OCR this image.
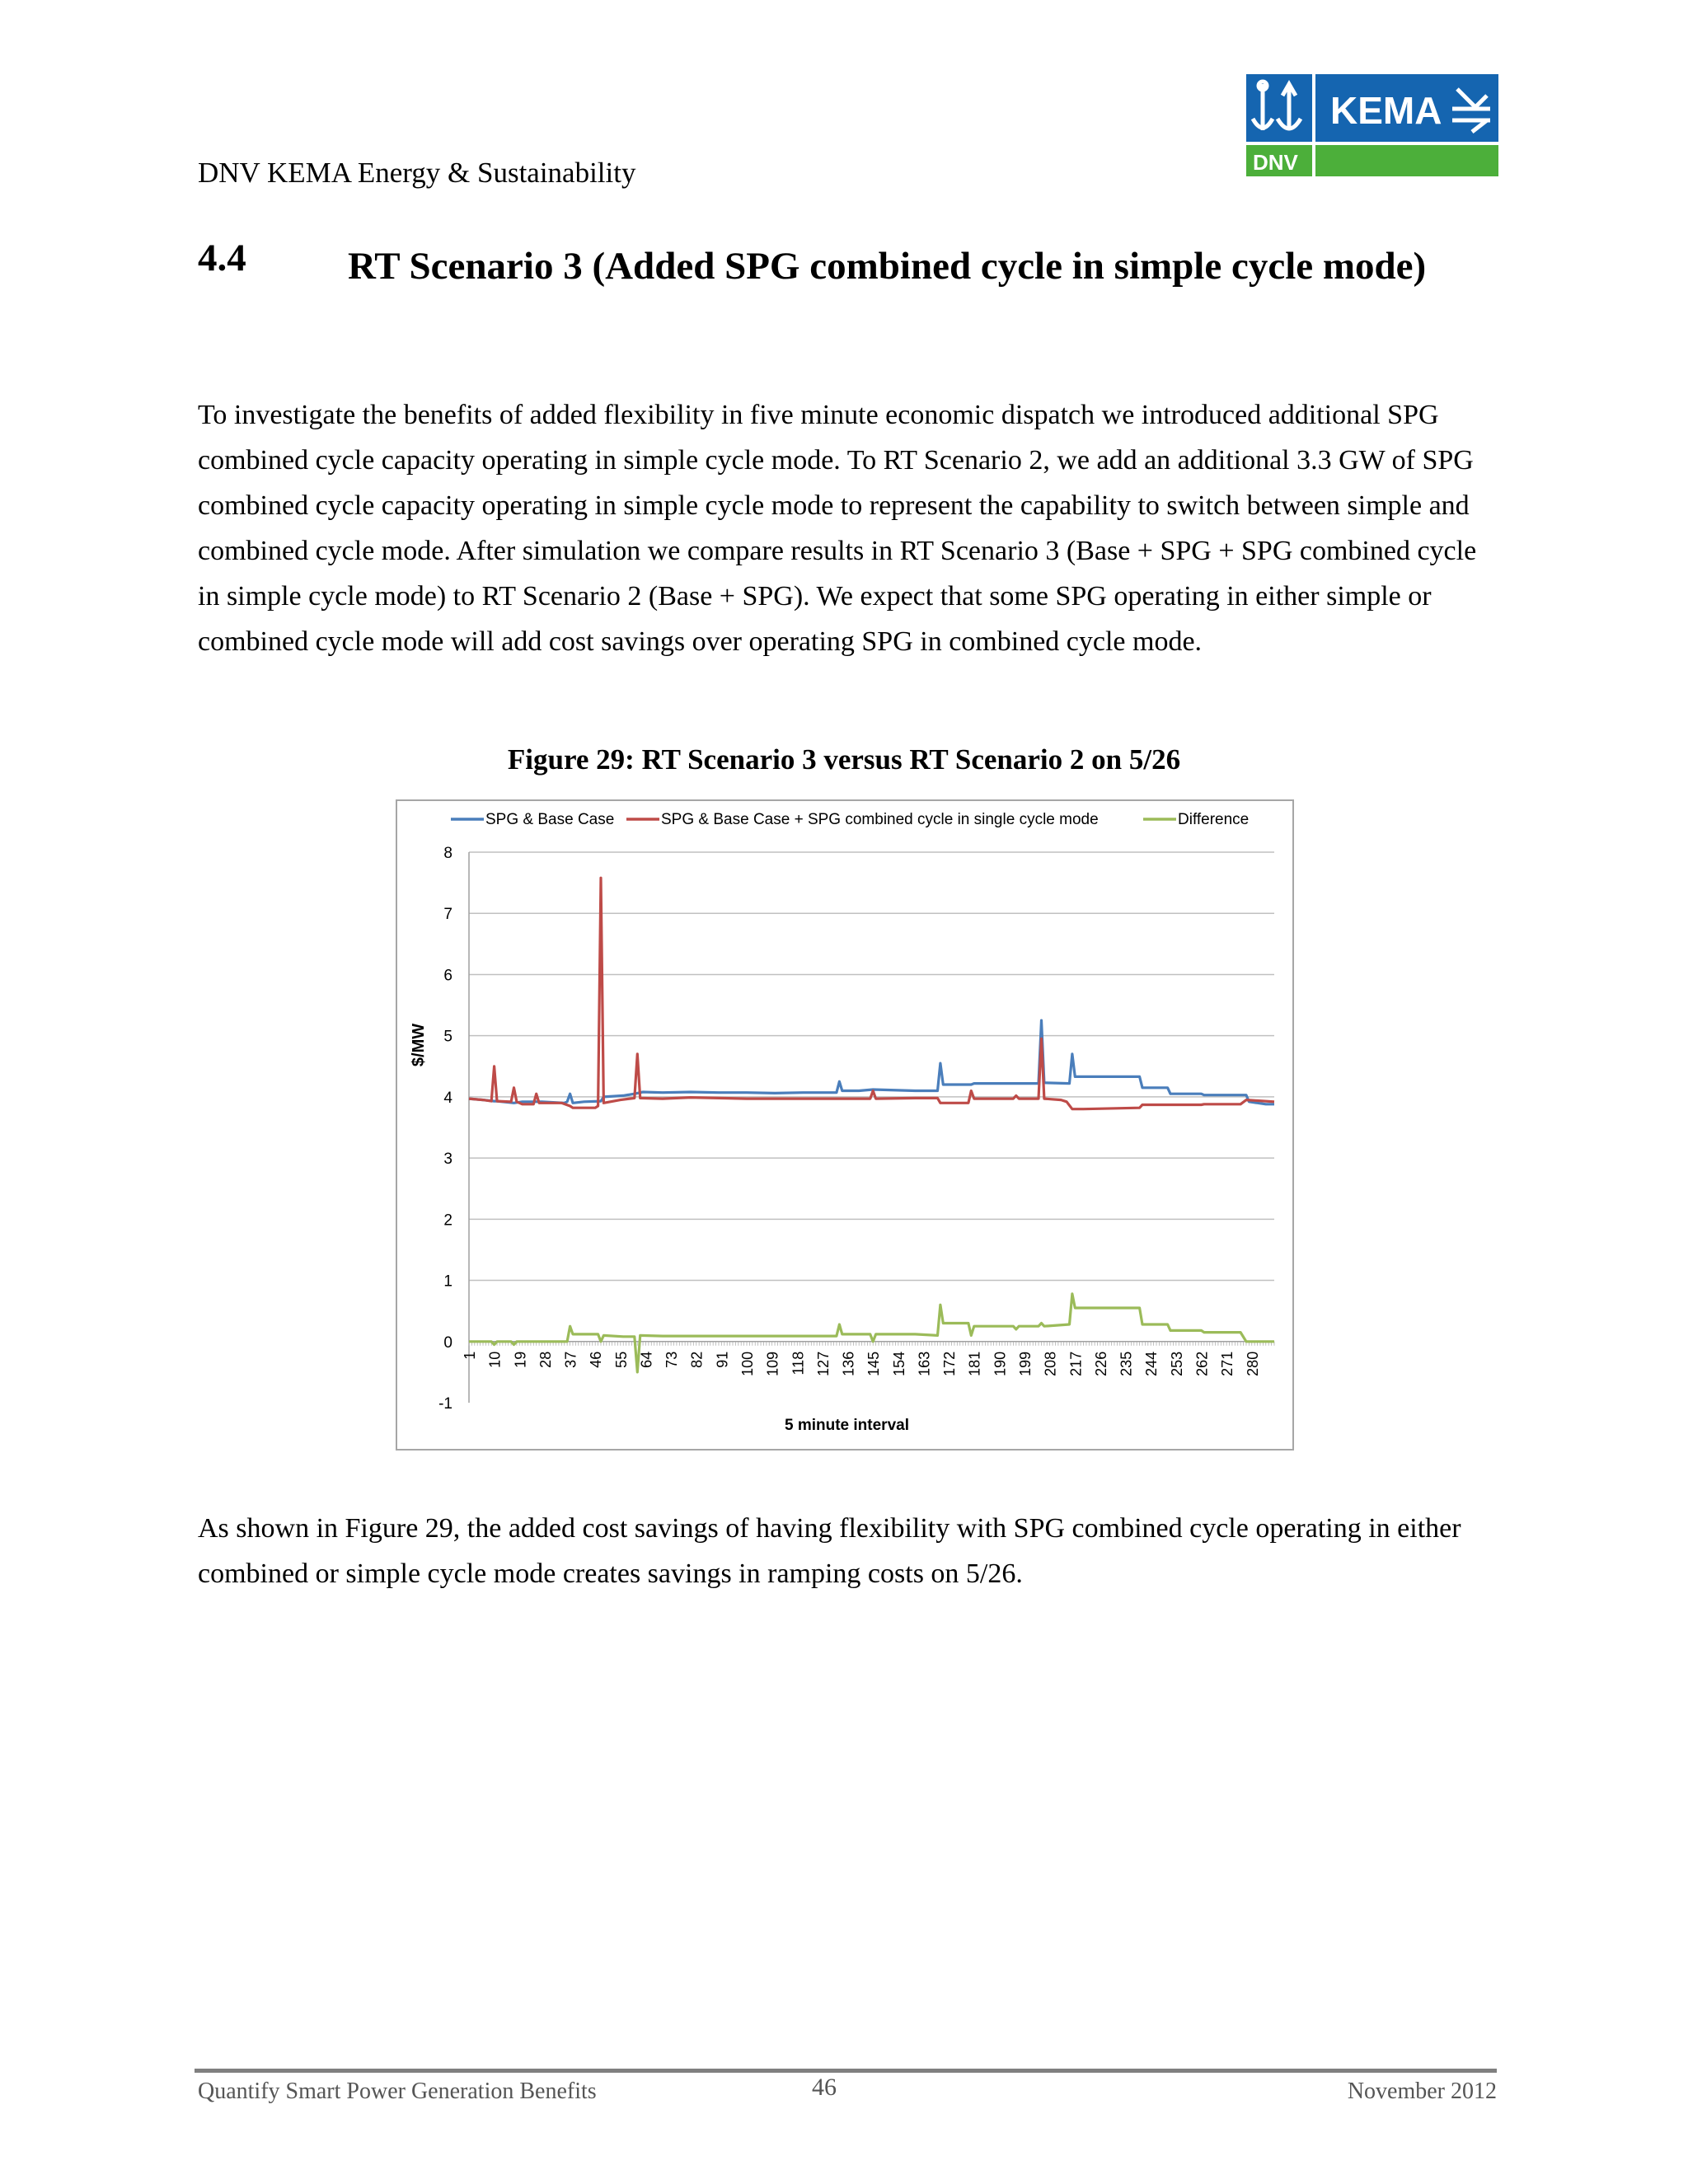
DNV KEMA Energy & Sustainability
KEMA
DNV
4.4	RT Scenario 3 (Added SPG combined cycle in simple cycle mode)
To investigate the benefits of added flexibility in five minute economic dispatch we introduced additional SPG combined cycle capacity operating in simple cycle mode. To RT Scenario 2, we add an additional 3.3 GW of SPG combined cycle capacity operating in simple cycle mode to represent the capability to switch between simple and combined cycle mode. After simulation we compare results in RT Scenario 3 (Base + SPG + SPG combined cycle in simple cycle mode) to RT Scenario 2 (Base + SPG). We expect that some SPG operating in either simple or combined cycle mode will add cost savings over operating SPG in combined cycle mode.
Figure 29: RT Scenario 3 versus RT Scenario 2 on 5/26
-1
0
1
2
3
4
5
6
7
8
1 10 19 28 37 46 55 64 73 82 91 100 109 118 127 136 145 154 163 172 181 190 199 208 217 226 235 244 253 262 271 280
SPG & Base Case	SPG & Base Case + SPG combined cycle in single cycle mode	Difference
5 minute interval
$/MW
As shown in Figure 29, the added cost savings of having flexibility with SPG combined cycle operating in either combined or simple cycle mode creates savings in ramping costs on 5/26.
Quantify Smart Power Generation Benefits	46	November 2012
